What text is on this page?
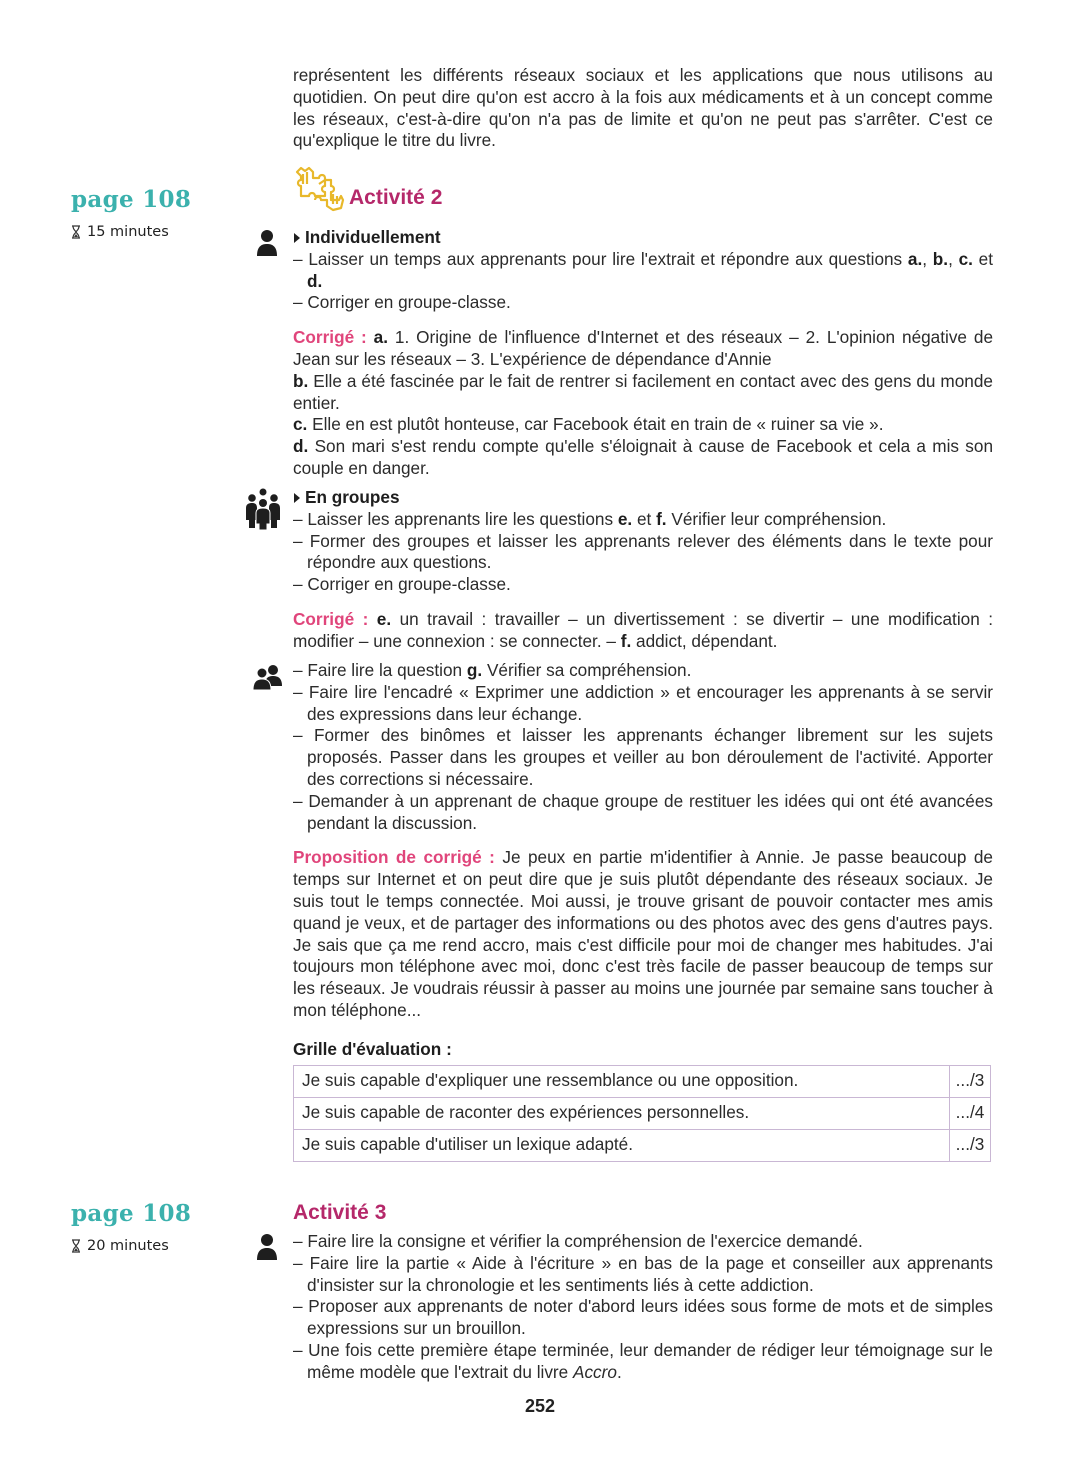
représentent les différents réseaux sociaux et les applications que nous utilisons au quotidien. On peut dire qu'on est accro à la fois aux médicaments et à un concept comme les réseaux, c'est-à-dire qu'on n'a pas de limite et qu'on ne peut pas s'arrêter. C'est ce qu'explique le titre du livre.
page 108
15 minutes
Activité 2
Individuellement
– Laisser un temps aux apprenants pour lire l'extrait et répondre aux questions a., b., c. et d.
– Corriger en groupe-classe.
Corrigé : a. 1. Origine de l'influence d'Internet et des réseaux – 2. L'opinion négative de Jean sur les réseaux – 3. L'expérience de dépendance d'Annie
b. Elle a été fascinée par le fait de rentrer si facilement en contact avec des gens du monde entier.
c. Elle en est plutôt honteuse, car Facebook était en train de « ruiner sa vie ».
d. Son mari s'est rendu compte qu'elle s'éloignait à cause de Facebook et cela a mis son couple en danger.
En groupes
– Laisser les apprenants lire les questions e. et f. Vérifier leur compréhension.
– Former des groupes et laisser les apprenants relever des éléments dans le texte pour répondre aux questions.
– Corriger en groupe-classe.
Corrigé : e. un travail : travailler – un divertissement : se divertir – une modification : modifier – une connexion : se connecter. – f. addict, dépendant.
– Faire lire la question g. Vérifier sa compréhension.
– Faire lire l'encadré « Exprimer une addiction » et encourager les apprenants à se servir des expressions dans leur échange.
– Former des binômes et laisser les apprenants échanger librement sur les sujets proposés. Passer dans les groupes et veiller au bon déroulement de l'activité. Apporter des corrections si nécessaire.
– Demander à un apprenant de chaque groupe de restituer les idées qui ont été avancées pendant la discussion.
Proposition de corrigé : Je peux en partie m'identifier à Annie. Je passe beaucoup de temps sur Internet et on peut dire que je suis plutôt dépendante des réseaux sociaux. Je suis tout le temps connectée. Moi aussi, je trouve grisant de pouvoir contacter mes amis quand je veux, et de partager des informations ou des photos avec des gens d'autres pays. Je sais que ça me rend accro, mais c'est difficile pour moi de changer mes habitudes. J'ai toujours mon téléphone avec moi, donc c'est très facile de passer beaucoup de temps sur les réseaux. Je voudrais réussir à passer au moins une journée par semaine sans toucher à mon téléphone...
Grille d'évaluation :
Je suis capable d'expliquer une ressemblance ou une opposition.	.../3
Je suis capable de raconter des expériences personnelles.	.../4
Je suis capable d'utiliser un lexique adapté.	.../3
page 108
20 minutes
Activité 3
– Faire lire la consigne et vérifier la compréhension de l'exercice demandé.
– Faire lire la partie « Aide à l'écriture » en bas de la page et conseiller aux apprenants d'insister sur la chronologie et les sentiments liés à cette addiction.
– Proposer aux apprenants de noter d'abord leurs idées sous forme de mots et de simples expressions sur un brouillon.
– Une fois cette première étape terminée, leur demander de rédiger leur témoignage sur le même modèle que l'extrait du livre Accro.
252
